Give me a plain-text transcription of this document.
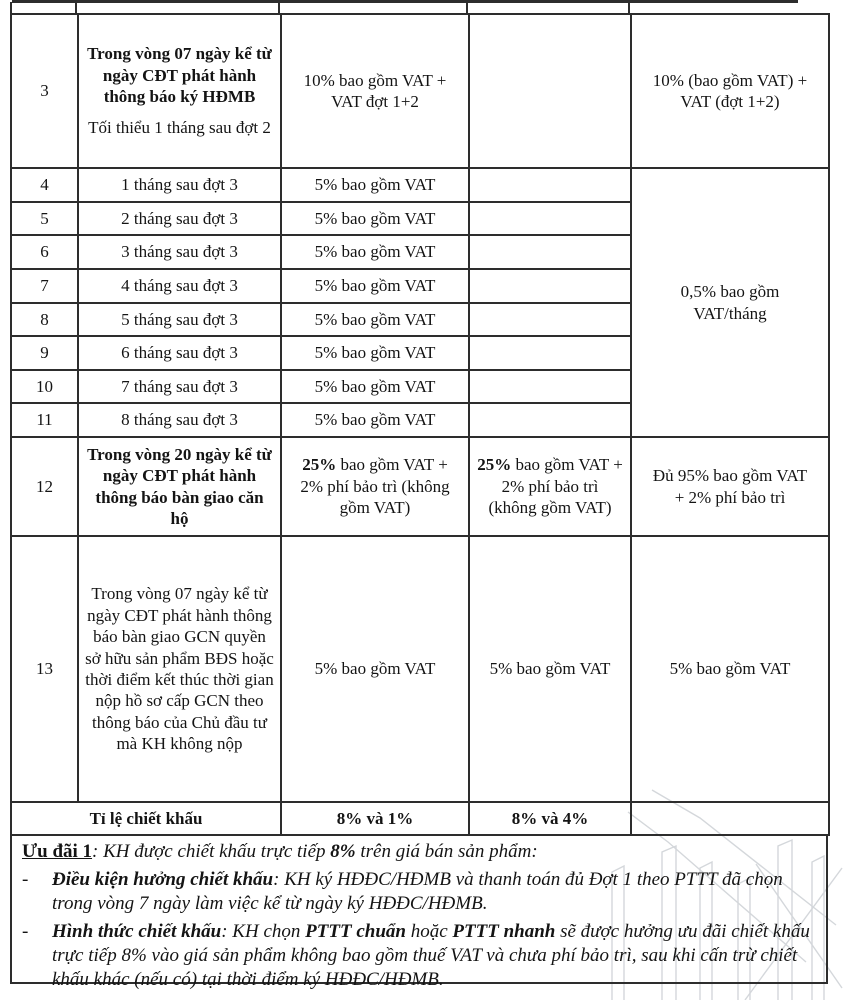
3	Trong vòng 07 ngày kể từ ngày CĐT phát hành thông báo ký HĐMB
Tối thiểu 1 tháng sau đợt 2	10% bao gồm VAT + VAT đợt 1+2		10% (bao gồm VAT) + VAT (đợt 1+2)

4	1 tháng sau đợt 3	5% bao gồm VAT		0,5% bao gồm VAT/tháng

5	2 tháng sau đợt 3	5% bao gồm VAT		
6	3 tháng sau đợt 3	5% bao gồm VAT		
7	4 tháng sau đợt 3	5% bao gồm VAT		
8	5 tháng sau đợt 3	5% bao gồm VAT		
9	6 tháng sau đợt 3	5% bao gồm VAT		
10	7 tháng sau đợt 3	5% bao gồm VAT		
11	8 tháng sau đợt 3	5% bao gồm VAT		
12	Trong vòng 20 ngày kể từ ngày CĐT phát hành thông báo bàn giao căn hộ	25% bao gồm VAT + 2% phí bảo trì (không gồm VAT)	25% bao gồm VAT + 2% phí bảo trì (không gồm VAT)	Đủ 95% bao gồm VAT + 2% phí bảo trì

13	Trong vòng 07 ngày kể từ ngày CĐT phát hành thông báo bàn giao GCN quyền sở hữu sản phẩm BĐS hoặc thời điểm kết thúc thời gian nộp hồ sơ cấp GCN theo thông báo của Chủ đầu tư mà KH không nộp	5% bao gồm VAT	5% bao gồm VAT	5% bao gồm VAT
Tỉ lệ chiết khấu		8% và 1%	8% và 4%	
Ưu đãi 1: KH được chiết khấu trực tiếp 8% trên giá bán sản phẩm:
-	Điều kiện hưởng chiết khấu: KH ký HĐĐC/HĐMB và thanh toán đủ Đợt 1 theo PTTT đã chọn trong vòng 7 ngày làm việc kể từ ngày ký HĐĐC/HĐMB.
-	Hình thức chiết khấu: KH chọn PTTT chuẩn hoặc PTTT nhanh sẽ được hưởng ưu đãi chiết khấu trực tiếp 8% vào giá sản phẩm không bao gồm thuế VAT và chưa phí bảo trì, sau khi cấn trừ chiết khấu khác (nếu có) tại thời điểm ký HĐĐC/HĐMB.
